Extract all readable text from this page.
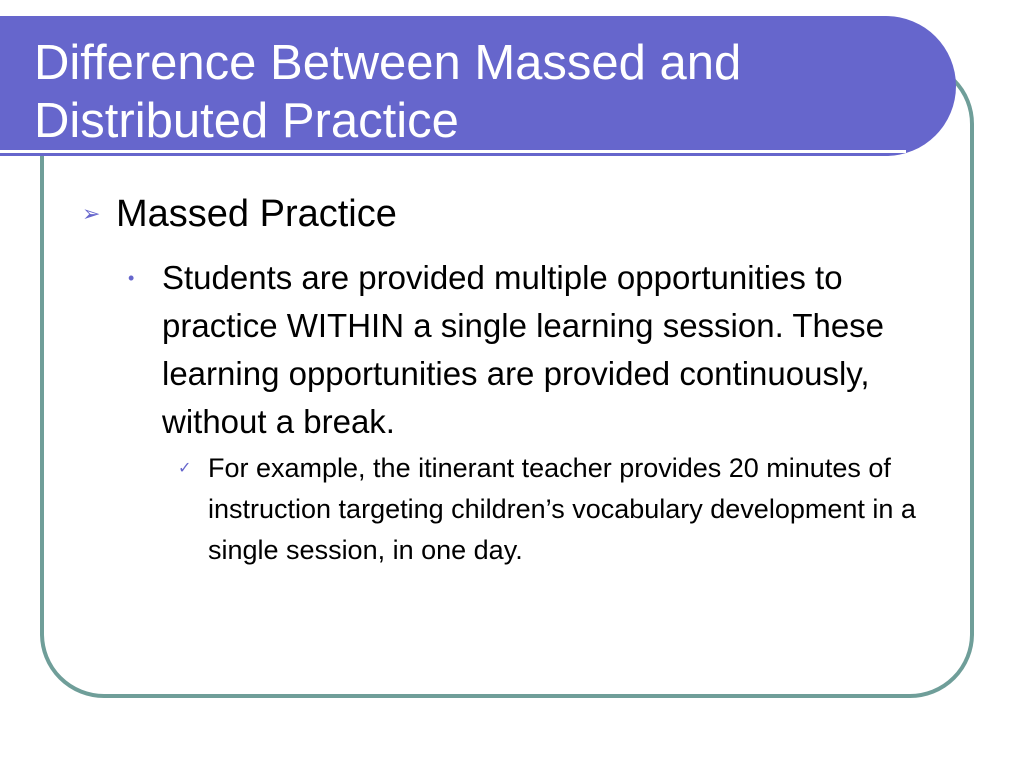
Difference Between Massed and
Distributed Practice
➢ Massed Practice
• Students are provided multiple opportunities to practice WITHIN a single learning session. These learning opportunities are provided continuously, without a break.
✓ For example, the itinerant teacher provides 20 minutes of instruction targeting children’s vocabulary development in a single session, in one day.
